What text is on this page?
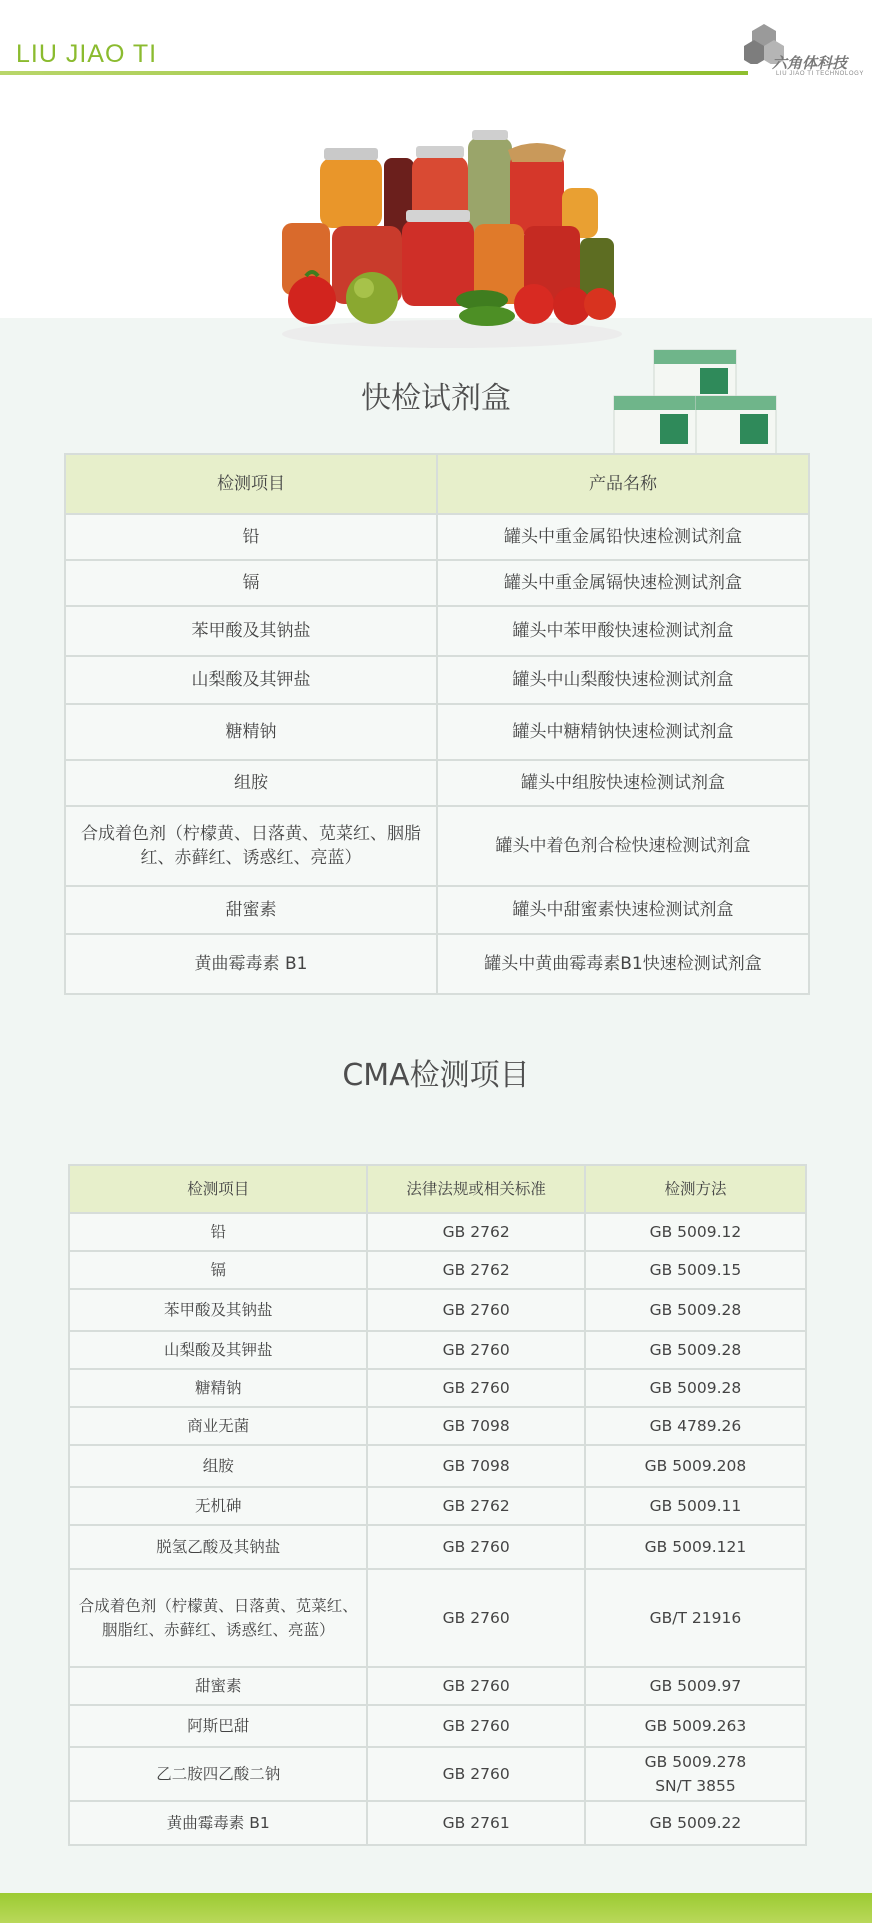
LIU JIAO TI	六角体科技
LIU JIAO TI TECHNOLOGY
快检试剂盒
检测项目	产品名称
铅	罐头中重金属铅快速检测试剂盒
镉	罐头中重金属镉快速检测试剂盒
苯甲酸及其钠盐	罐头中苯甲酸快速检测试剂盒
山梨酸及其钾盐	罐头中山梨酸快速检测试剂盒
糖精钠	罐头中糖精钠快速检测试剂盒
组胺	罐头中组胺快速检测试剂盒
合成着色剂（柠檬黄、日落黄、苋菜红、胭脂红、赤藓红、诱惑红、亮蓝）	罐头中着色剂合检快速检测试剂盒
甜蜜素	罐头中甜蜜素快速检测试剂盒
黄曲霉毒素 B1	罐头中黄曲霉毒素B1快速检测试剂盒
CMA检测项目
检测项目	法律法规或相关标准	检测方法
铅	GB 2762	GB 5009.12
镉	GB 2762	GB 5009.15
苯甲酸及其钠盐	GB 2760	GB 5009.28
山梨酸及其钾盐	GB 2760	GB 5009.28
糖精钠	GB 2760	GB 5009.28
商业无菌	GB 7098	GB 4789.26
组胺	GB 7098	GB 5009.208
无机砷	GB 2762	GB 5009.11
脱氢乙酸及其钠盐	GB 2760	GB 5009.121
合成着色剂（柠檬黄、日落黄、苋菜红、胭脂红、赤藓红、诱惑红、亮蓝）	GB 2760	GB/T 21916
甜蜜素	GB 2760	GB 5009.97
阿斯巴甜	GB 2760	GB 5009.263
乙二胺四乙酸二钠	GB 2760	GB 5009.278
SN/T 3855
黄曲霉毒素 B1	GB 2761	GB 5009.22
